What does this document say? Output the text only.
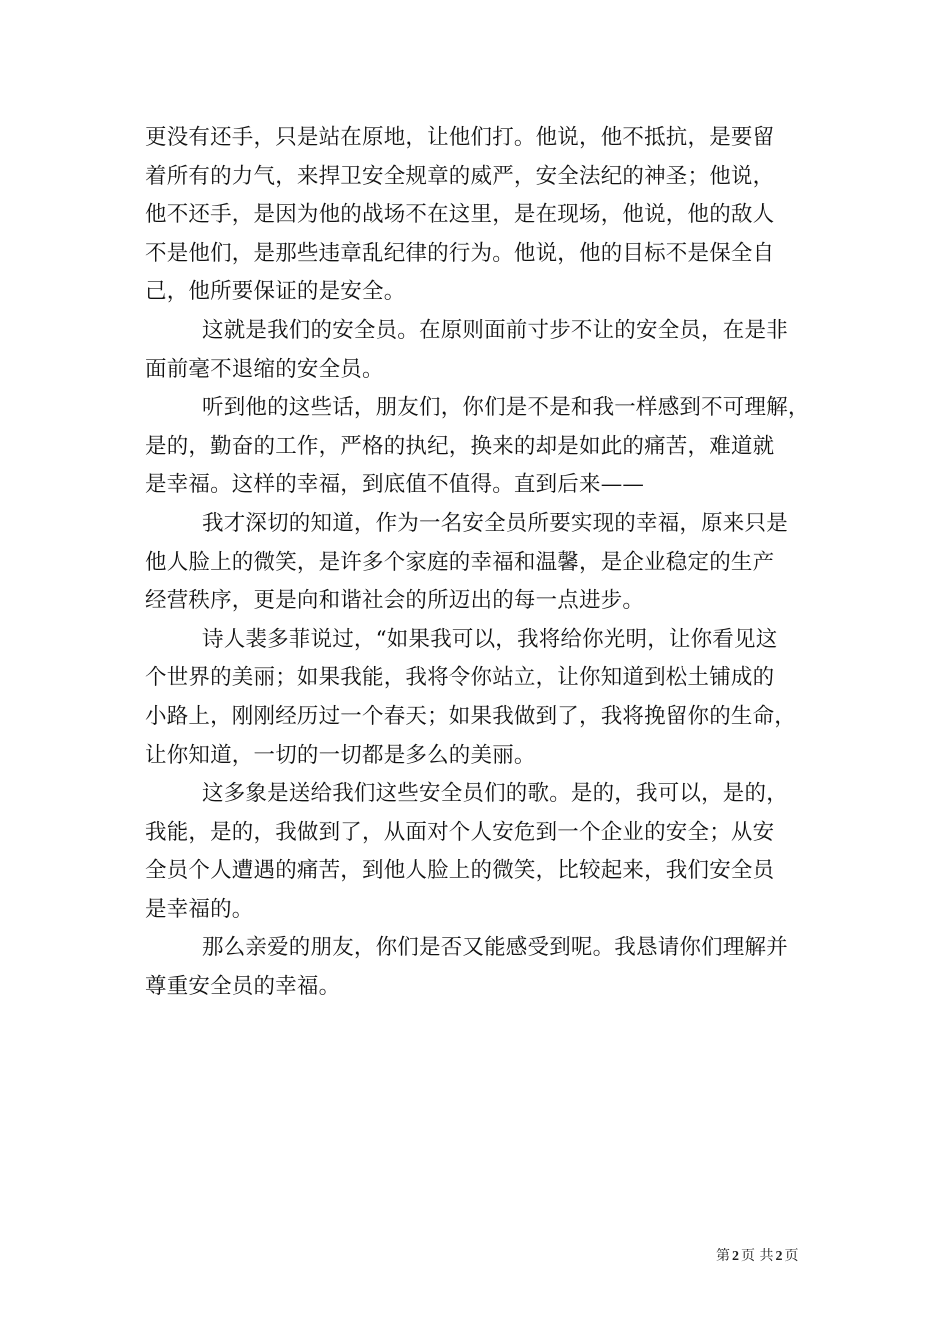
更没有还手，只是站在原地，让他们打。他说，他不抵抗，是要留
着所有的力气，来捍卫安全规章的威严，安全法纪的神圣；他说，
他不还手，是因为他的战场不在这里，是在现场，他说，他的敌人
不是他们，是那些违章乱纪律的行为。他说，他的目标不是保全自
己，他所要保证的是安全。
这就是我们的安全员。在原则面前寸步不让的安全员，在是非
面前毫不退缩的安全员。
听到他的这些话，朋友们，你们是不是和我一样感到不可理解，
是的，勤奋的工作，严格的执纪，换来的却是如此的痛苦，难道就
是幸福。这样的幸福，到底值不值得。直到后来——
我才深切的知道，作为一名安全员所要实现的幸福，原来只是
他人脸上的微笑，是许多个家庭的幸福和温馨，是企业稳定的生产
经营秩序，更是向和谐社会的所迈出的每一点进步。
诗人裴多菲说过，“如果我可以，我将给你光明，让你看见这
个世界的美丽；如果我能，我将令你站立，让你知道到松土铺成的
小路上，刚刚经历过一个春天；如果我做到了，我将挽留你的生命，
让你知道，一切的一切都是多么的美丽。
这多象是送给我们这些安全员们的歌。是的，我可以，是的，
我能，是的，我做到了，从面对个人安危到一个企业的安全；从安
全员个人遭遇的痛苦，到他人脸上的微笑，比较起来，我们安全员
是幸福的。
那么亲爱的朋友，你们是否又能感受到呢。我恳请你们理解并
尊重安全员的幸福。
第 2 页 共 2 页
